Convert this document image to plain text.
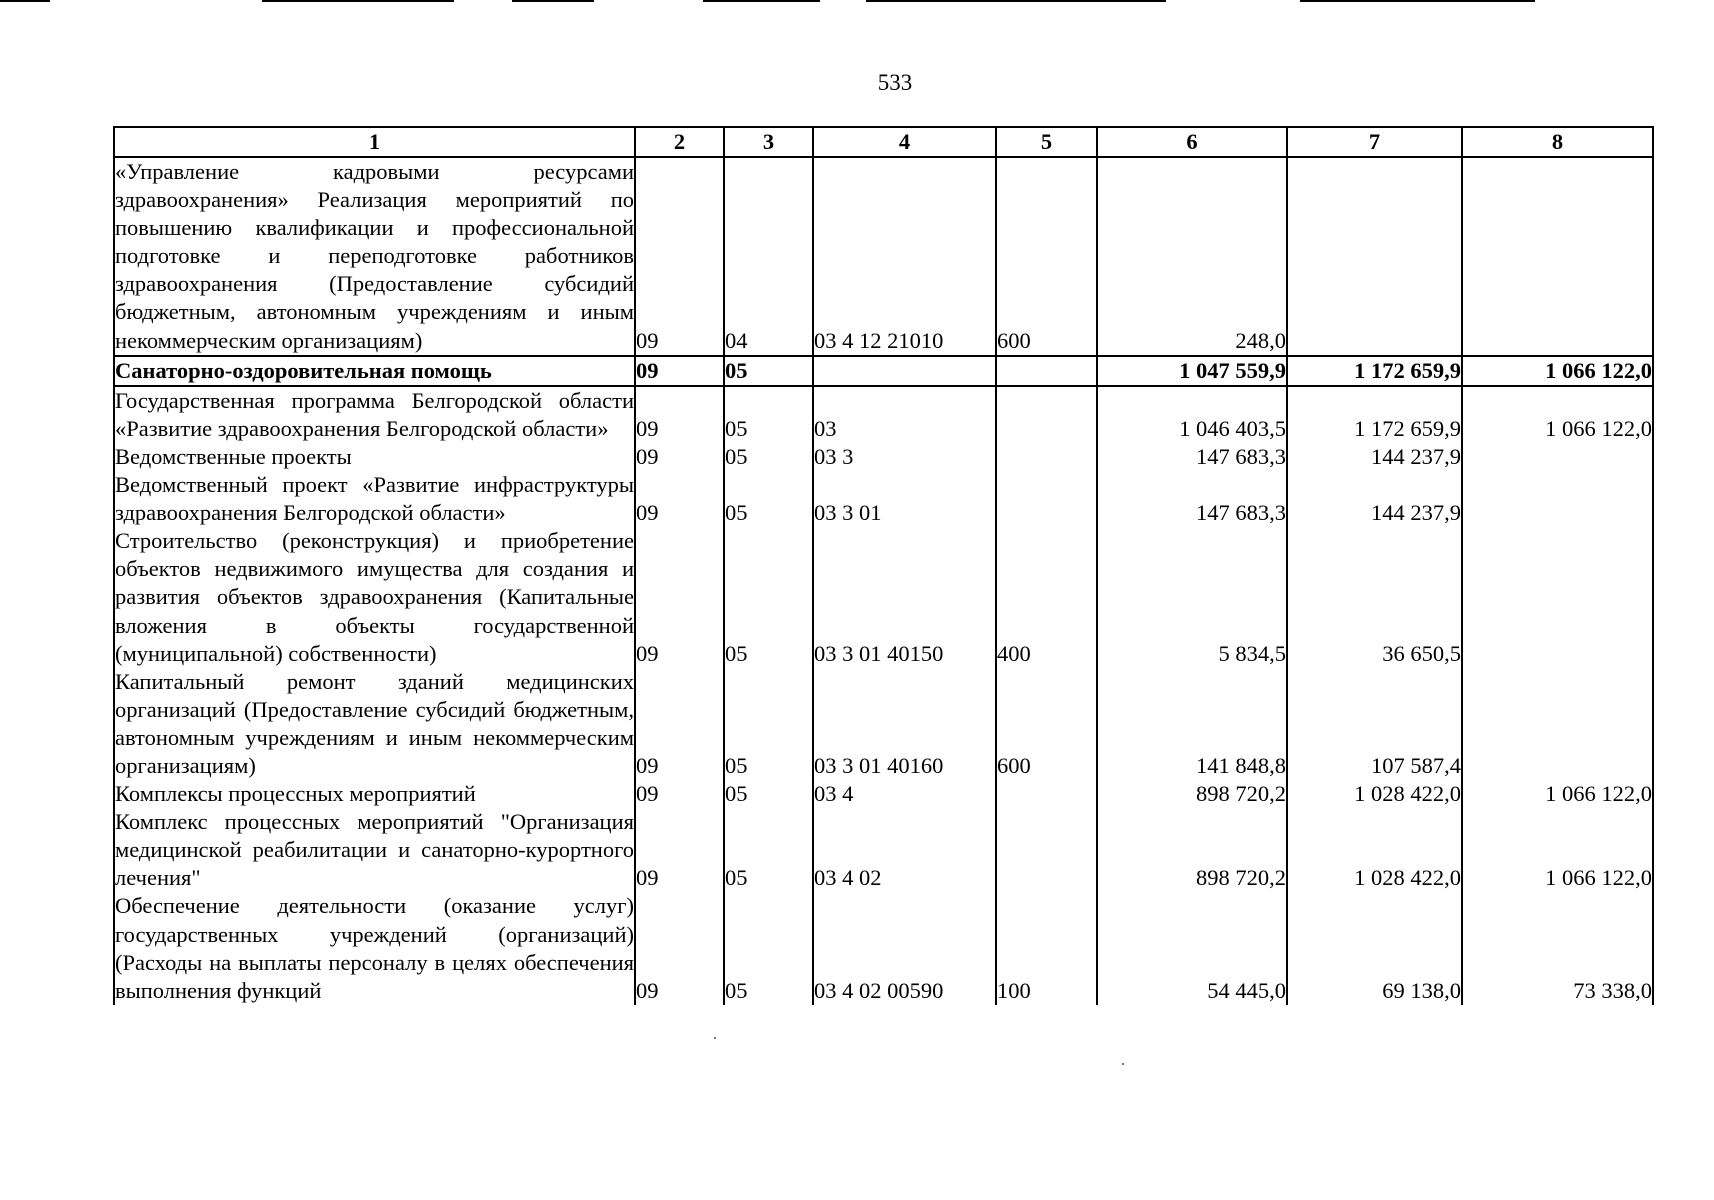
533
1	2	3	4	5	6	7	8
«Управление кадровыми ресурсами здравоохранения» Реализация мероприятий по повышению квалификации и профессиональной подготовке и переподготовке работников здравоохранения (Предоставление субсидий бюджетным, автономным учреждениям и иным некоммерческим организациям)	09	04	03 4 12 21010	600	248,0		
Санаторно-оздоровительная помощь	09	05			1 047 559,9	1 172 659,9	1 066 122,0
Государственная программа Белгородской области «Развитие здравоохранения Белгородской области»	09	05	03		1 046 403,5	1 172 659,9	1 066 122,0
Ведомственные проекты	09	05	03 3		147 683,3	144 237,9	
Ведомственный проект «Развитие инфраструктуры здравоохранения Белгородской области»	09	05	03 3 01		147 683,3	144 237,9	
Строительство (реконструкция) и приобретение объектов недвижимого имущества для создания и развития объектов здравоохранения (Капитальные вложения в объекты государственной (муниципальной) собственности)	09	05	03 3 01 40150	400	5 834,5	36 650,5	
Капитальный ремонт зданий медицинских организаций (Предоставление субсидий бюджетным, автономным учреждениям и иным некоммерческим организациям)	09	05	03 3 01 40160	600	141 848,8	107 587,4	
Комплексы процессных мероприятий	09	05	03 4		898 720,2	1 028 422,0	1 066 122,0
Комплекс процессных мероприятий "Организация медицинской реабилитации и санаторно-курортного лечения"	09	05	03 4 02		898 720,2	1 028 422,0	1 066 122,0
Обеспечение деятельности (оказание услуг) государственных учреждений (организаций) (Расходы на выплаты персоналу в целях обеспечения выполнения функций	09	05	03 4 02 00590	100	54 445,0	69 138,0	73 338,0
